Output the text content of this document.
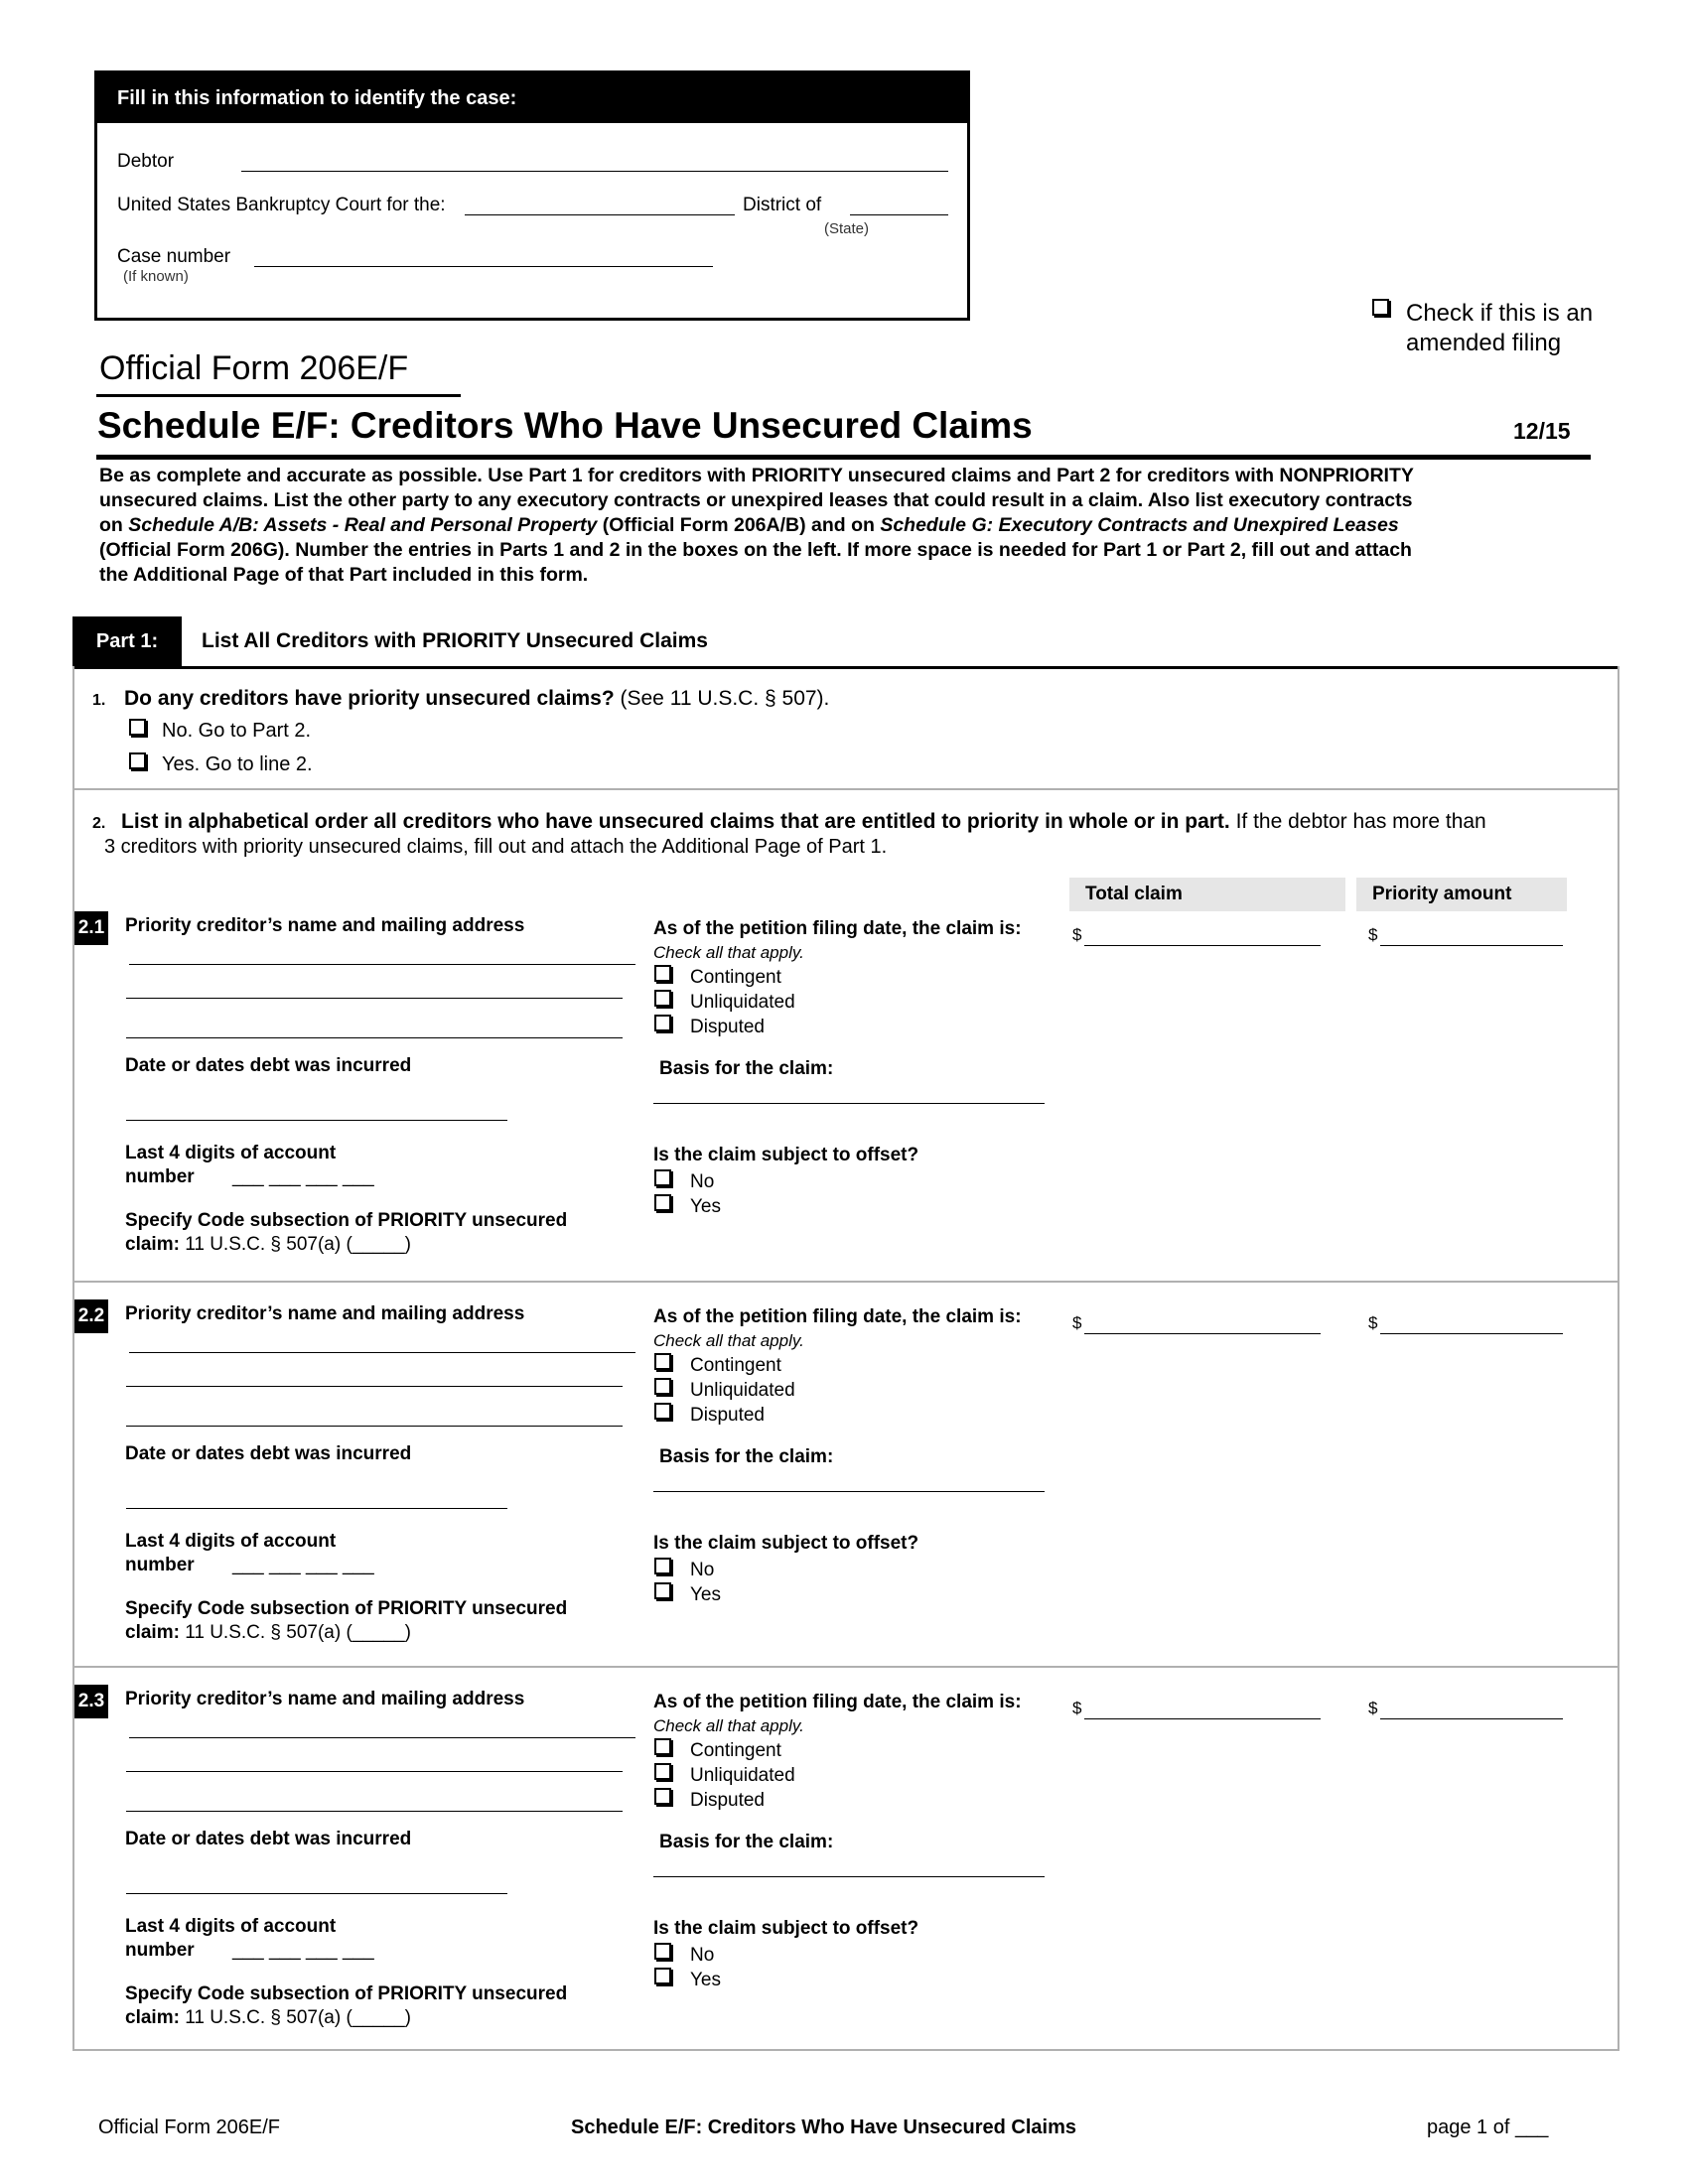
Fill in this information to identify the case:
Debtor
United States Bankruptcy Court for the:	District of
(State)
Case number
(If known)
Check if this is an
amended filing
Official Form 206E/F
Schedule E/F: Creditors Who Have Unsecured Claims	12/15
Be as complete and accurate as possible. Use Part 1 for creditors with PRIORITY unsecured claims and Part 2 for creditors with NONPRIORITY
unsecured claims. List the other party to any executory contracts or unexpired leases that could result in a claim. Also list executory contracts
on Schedule A/B: Assets - Real and Personal Property (Official Form 206A/B) and on Schedule G: Executory Contracts and Unexpired Leases
(Official Form 206G). Number the entries in Parts 1 and 2 in the boxes on the left. If more space is needed for Part 1 or Part 2, fill out and attach
the Additional Page of that Part included in this form.
Part 1:	List All Creditors with PRIORITY Unsecured Claims
1. Do any creditors have priority unsecured claims? (See 11 U.S.C. § 507).
No. Go to Part 2.
Yes. Go to line 2.
2. List in alphabetical order all creditors who have unsecured claims that are entitled to priority in whole or in part. If the debtor has more than
3 creditors with priority unsecured claims, fill out and attach the Additional Page of Part 1.
Total claim	Priority amount
2.1 Priority creditor’s name and mailing address
Date or dates debt was incurred
Last 4 digits of account
number ___ ___ ___ ___
Specify Code subsection of PRIORITY unsecured
claim: 11 U.S.C. § 507(a) (_____)
As of the petition filing date, the claim is:
Check all that apply.
Contingent
Unliquidated
Disputed
Basis for the claim:
Is the claim subject to offset?
No
Yes
$	$
2.2 Priority creditor’s name and mailing address
Date or dates debt was incurred
Last 4 digits of account
number ___ ___ ___ ___
Specify Code subsection of PRIORITY unsecured
claim: 11 U.S.C. § 507(a) (_____)
As of the petition filing date, the claim is:
Check all that apply.
Contingent
Unliquidated
Disputed
Basis for the claim:
Is the claim subject to offset?
No
Yes
$	$
2.3 Priority creditor’s name and mailing address
Date or dates debt was incurred
Last 4 digits of account
number ___ ___ ___ ___
Specify Code subsection of PRIORITY unsecured
claim: 11 U.S.C. § 507(a) (_____)
As of the petition filing date, the claim is:
Check all that apply.
Contingent
Unliquidated
Disputed
Basis for the claim:
Is the claim subject to offset?
No
Yes
$	$
Official Form 206E/F	Schedule E/F: Creditors Who Have Unsecured Claims	page 1 of ___
